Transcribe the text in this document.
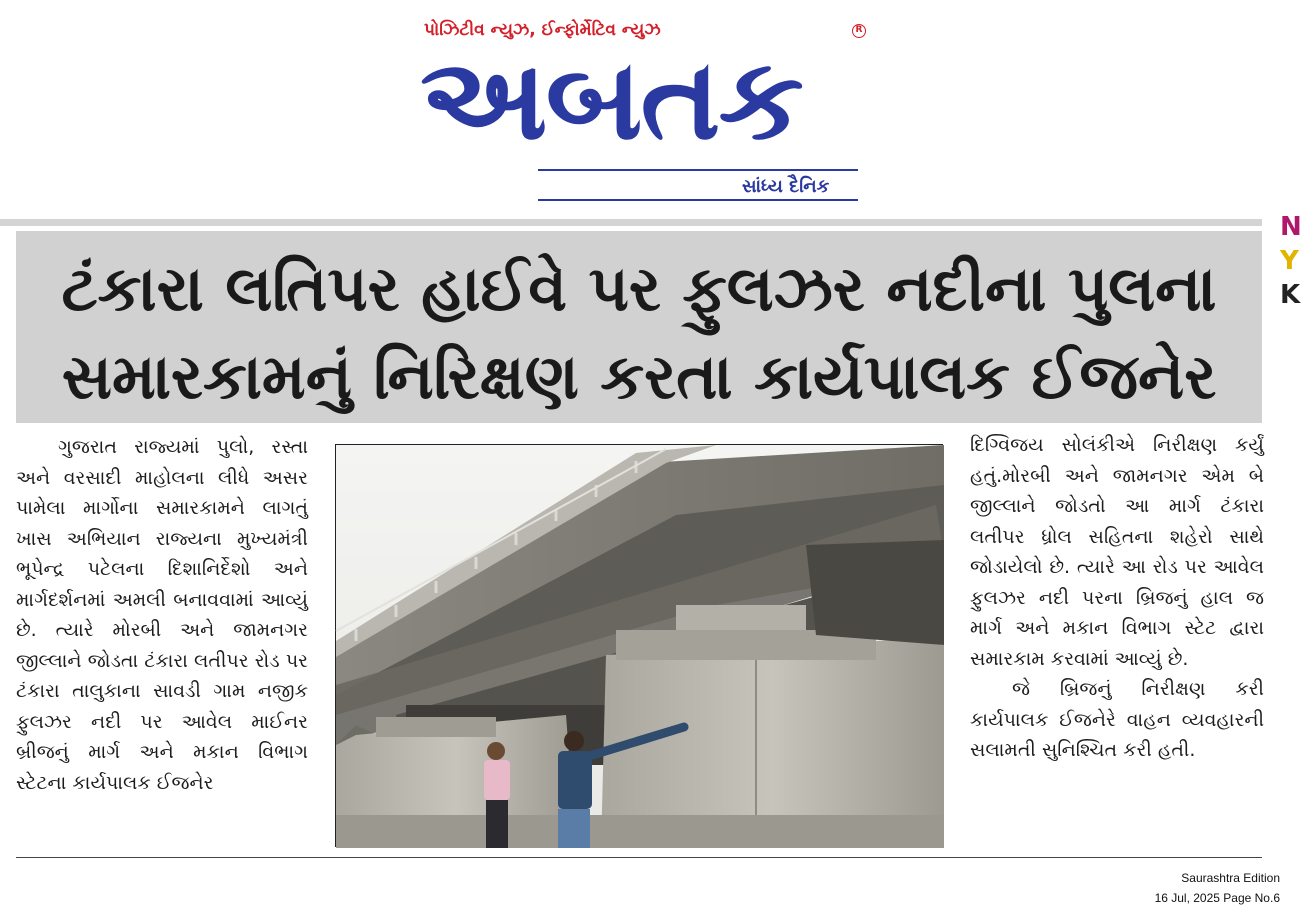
પોઝિટીવ ન્યુઝ, ઈન્ફોર્મેટિવ ન્યુઝ	R
અબતક
સાંધ્ય દૈનિક
ટંકારા લતિપર હાઈવે પર ફુલઝર નદીના પુલના
સમારકામનું નિરિક્ષણ કરતા કાર્યપાલક ઈજનેર
N
Y
K
ગુજરાત રાજ્યમાં પુલો, રસ્તા અને વરસાદી માહોલના લીધે અસર પામેલા માર્ગોના સમારકામને લાગતું ખાસ અભિયાન રાજ્યના મુખ્યમંત્રી ભૂપેન્દ્ર પટેલના દિશાનિર્દેશો અને માર્ગદર્શનમાં અમલી બનાવવામાં આવ્યું છે. ત્યારે મોરબી અને જામનગર જીલ્લાને જોડતા ટંકારા લતીપર રોડ પર ટંકારા તાલુકાના સાવડી ગામ નજીક ફુલઝર નદી પર આવેલ માઈનર બ્રીજનું માર્ગ અને મકાન વિભાગ સ્ટેટના કાર્યપાલક ઈજનેર
દિગ્વિજય સોલંકીએ નિરીક્ષણ કર્યું હતું.મોરબી અને જામનગર એમ બે જીલ્લાને જોડતો આ માર્ગ ટંકારા લતીપર ધ્રોલ સહિતના શહેરો સાથે જોડાયેલો છે. ત્યારે આ રોડ પર આવેલ ફુલઝર નદી પરના બ્રિજનું હાલ જ માર્ગ અને મકાન વિભાગ સ્ટેટ દ્વારા સમારકામ કરવામાં આવ્યું છે.
જે બ્રિજનું નિરીક્ષણ કરી કાર્યપાલક ઈજનેરે વાહન વ્યવહારની સલામતી સુનિશ્ચિત કરી હતી.
Saurashtra Edition
16 Jul, 2025 Page No.6
